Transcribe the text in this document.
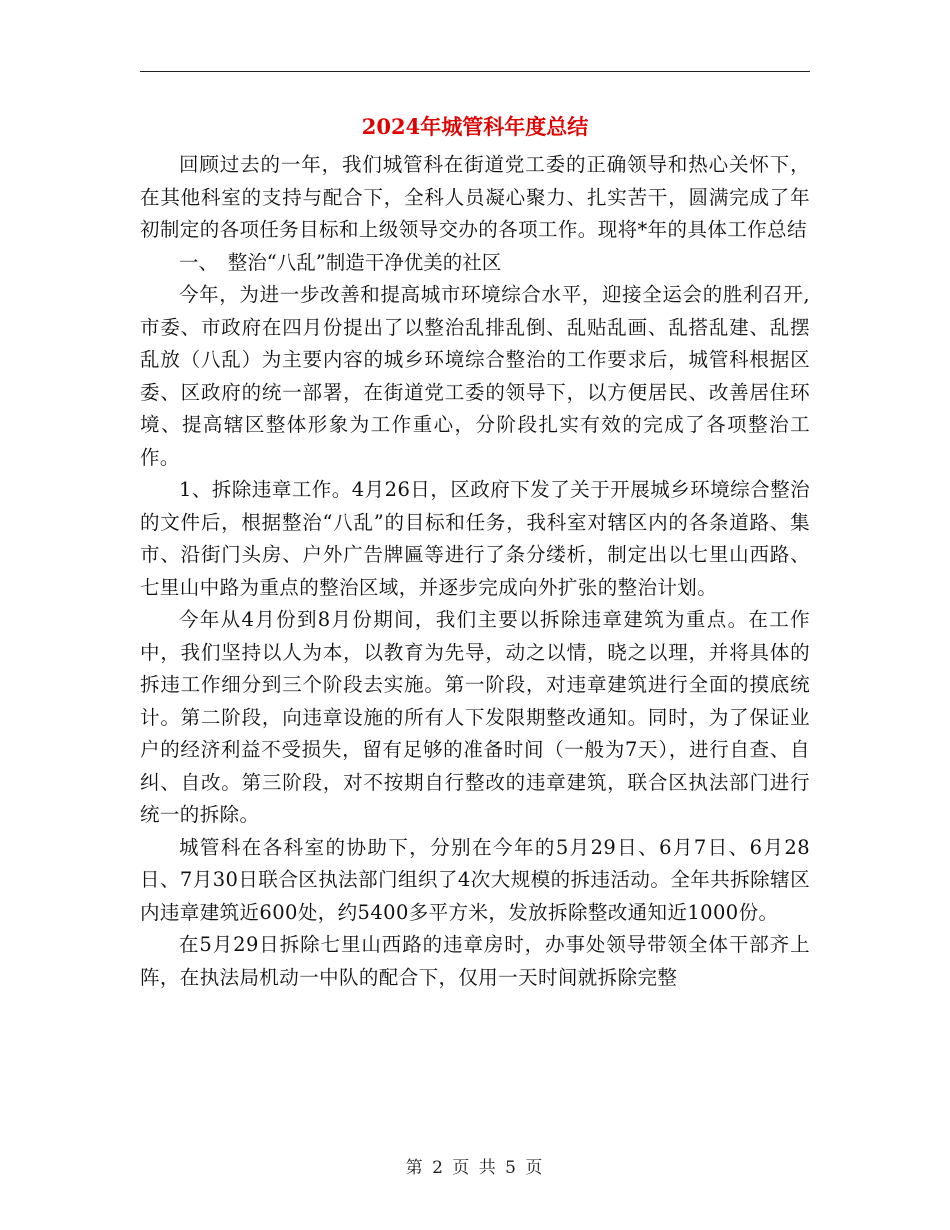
2024年城管科年度总结

回顾过去的一年，我们城管科在街道党工委的正确领导和热心关怀下，在其他科室的支持与配合下，全科人员凝心聚力、扎实苦干，圆满完成了年初制定的各项任务目标和上级领导交办的各项工作。现将*年的具体工作总结

一、　整治“八乱”制造干净优美的社区

今年，为进一步改善和提高城市环境综合水平，迎接全运会的胜利召开,市委、市政府在四月份提出了以整治乱排乱倒、乱贴乱画、乱搭乱建、乱摆乱放（八乱）为主要内容的城乡环境综合整治的工作要求后，城管科根据区委、区政府的统一部署，在街道党工委的领导下，以方便居民、改善居住环境、提高辖区整体形象为工作重心，分阶段扎实有效的完成了各项整治工作。

1、拆除违章工作。4月26日，区政府下发了关于开展城乡环境综合整治的文件后，根据整治“八乱”的目标和任务，我科室对辖区内的各条道路、集市、沿街门头房、户外广告牌匾等进行了条分缕析，制定出以七里山西路、七里山中路为重点的整治区域，并逐步完成向外扩张的整治计划。

今年从4月份到8月份期间，我们主要以拆除违章建筑为重点。在工作中，我们坚持以人为本，以教育为先导，动之以情，晓之以理，并将具体的拆违工作细分到三个阶段去实施。第一阶段，对违章建筑进行全面的摸底统计。第二阶段，向违章设施的所有人下发限期整改通知。同时，为了保证业户的经济利益不受损失，留有足够的准备时间（一般为7天），进行自查、自纠、自改。第三阶段，对不按期自行整改的违章建筑，联合区执法部门进行统一的拆除。

城管科在各科室的协助下，分别在今年的5月29日、6月7日、6月28日、7月30日联合区执法部门组织了4次大规模的拆违活动。全年共拆除辖区内违章建筑近600处，约5400多平方米，发放拆除整改通知近1000份。

在5月29日拆除七里山西路的违章房时，办事处领导带领全体干部齐上阵，在执法局机动一中队的配合下，仅用一天时间就拆除完整

第 2 页 共 5 页
